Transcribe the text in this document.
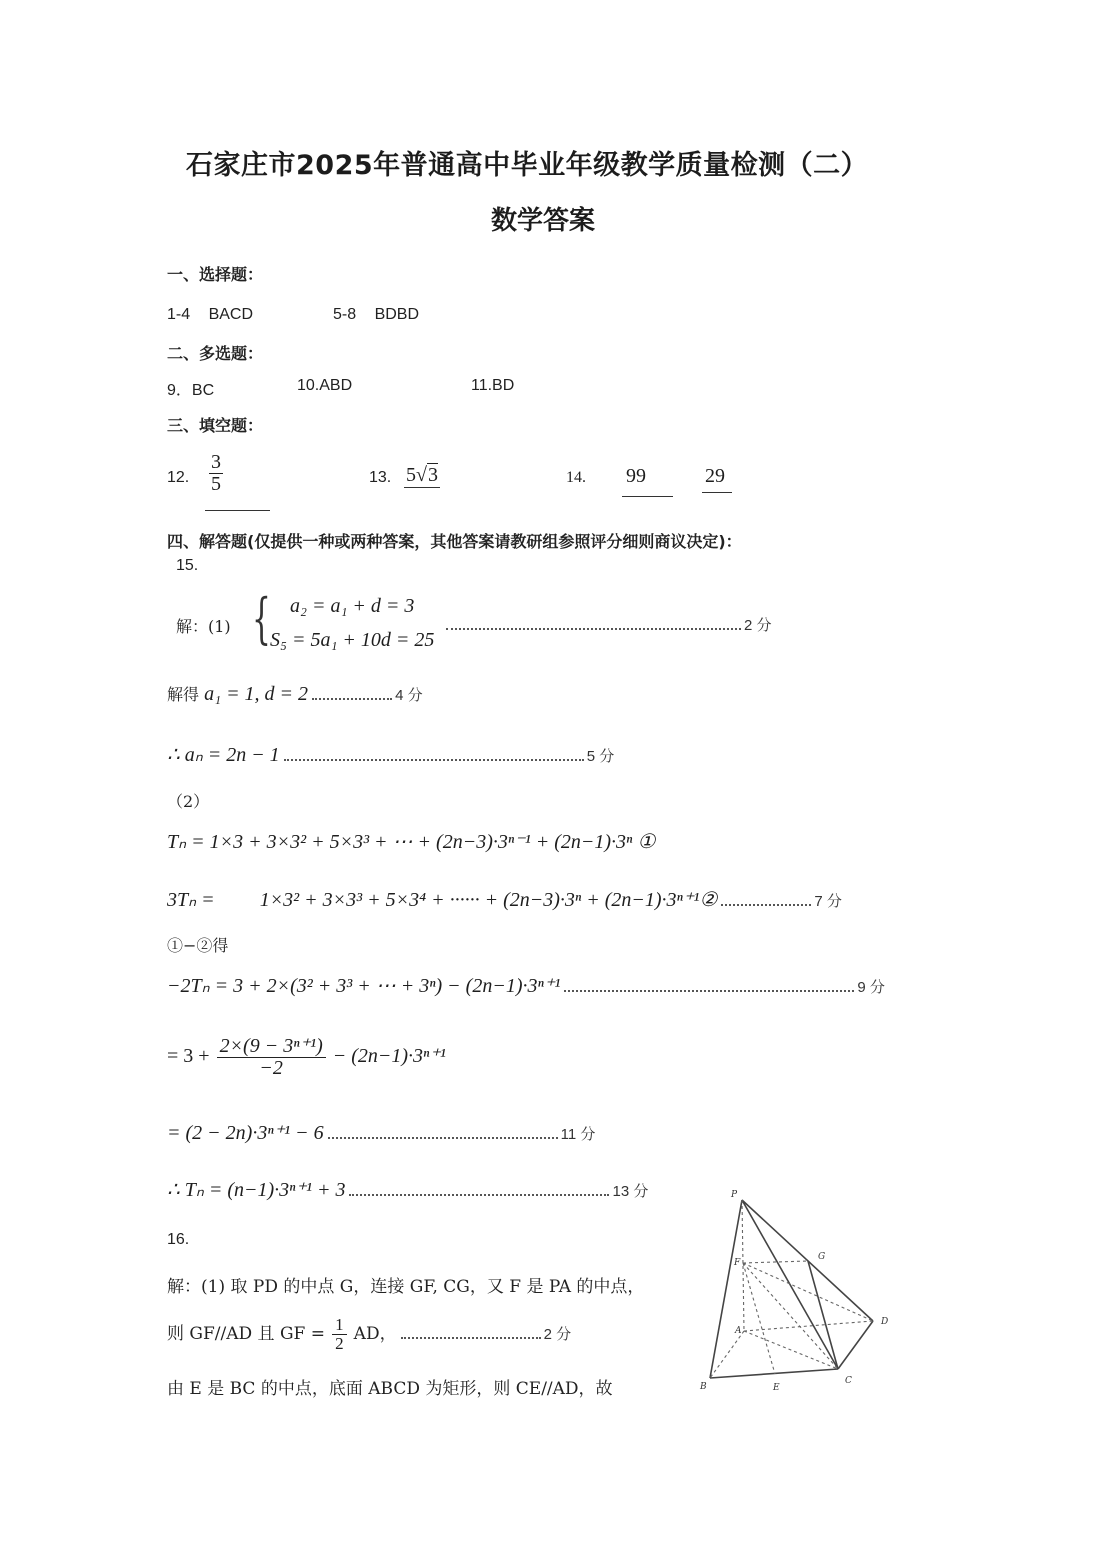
石家庄市2025年普通高中毕业年级教学质量检测（二）
数学答案
一、选择题：
1-4 BACD	5-8 BDBD
二、多选题：
9．BC	10.ABD	11.BD
三、填空题：
12. $\frac{3}{5}$	13. 5√3	14. 99	29
四、解答题(仅提供一种或两种答案，其他答案请教研组参照评分细则商议决定)：
15.
解：(1) { a₂ = a₁ + d = 3
S₅ = 5a₁ + 10d = 25
2 分
解得 a₁ = 1, d = 2	4 分
∴ aₙ = 2n − 1	5 分
（2）
Tₙ = 1×3 + 3×3² + 5×3³ + ⋯ + (2n−3)·3ⁿ⁻¹ + (2n−1)·3ⁿ ①
3Tₙ = 1×3² + 3×3³ + 5×3⁴ + ······ + (2n−3)·3ⁿ + (2n−1)·3ⁿ⁺¹②	7 分
①−②得
−2Tₙ = 3 + 2×(3² + 3³ + ⋯ + 3ⁿ) − (2n−1)·3ⁿ⁺¹	9 分
= $3 + \frac{\text{2×(9 − 3ⁿ⁺¹)}}{-2} - (2n-1)\cdot 3^{n+1}$
= (2 − 2n)·3ⁿ⁺¹ − 6	11 分
∴ Tₙ = (n−1)·3ⁿ⁺¹ + 3	13 分
16.
解：(1) 取 PD 的中点 G，连接 GF, CG，又 F 是 PA 的中点，
则 GF//AD 且 GF = $\frac{1}{2}$ AD，	2 分
由 E 是 BC 的中点，底面 ABCD 为矩形，则 CE//AD，故
P
G
F
A
D
B	E
C
